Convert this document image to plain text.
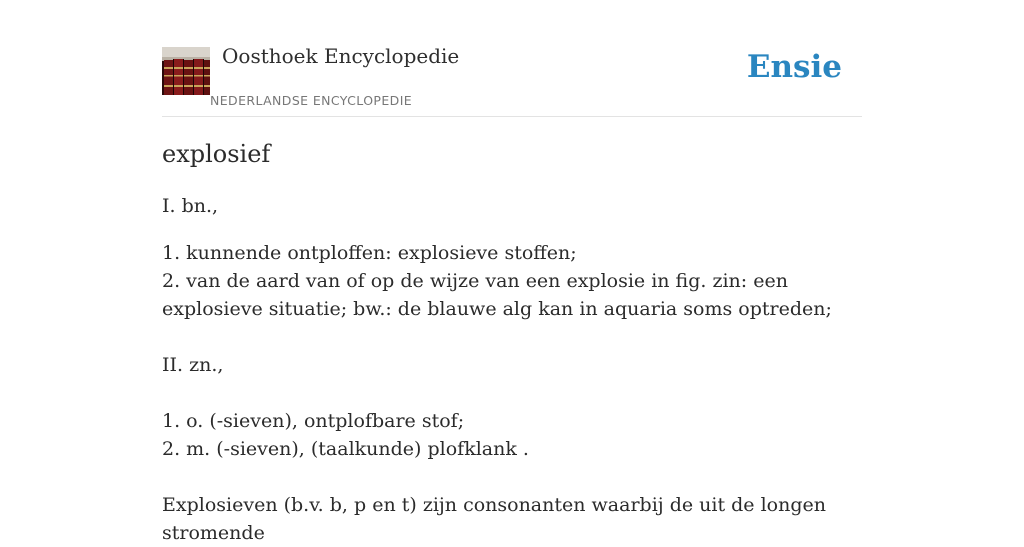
Oosthoek Encyclopedie
NEDERLANDSE ENCYCLOPEDIE
Ensie
explosief

I. bn.,

1. kunnende ontploffen: explosieve stoffen;

2. van de aard van of op de wijze van een explosie in fig. zin: een explosieve situatie; bw.: de blauwe alg kan in aquaria soms optreden;

II. zn.,

1. o. (-sieven), ontplofbare stof;

2. m. (-sieven), (taalkunde) plofklank .

Explosieven (b.v. b, p en t) zijn consonanten waarbij de uit de longen stromende
